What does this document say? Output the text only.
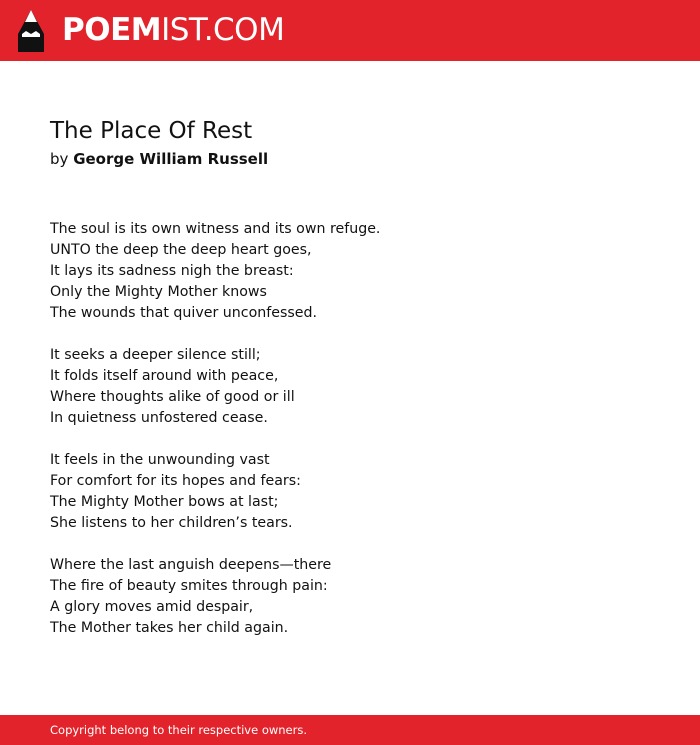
POEMIST.COM
The Place Of Rest
by George William Russell
The soul is its own witness and its own refuge.
UNTO the deep the deep heart goes, 
It lays its sadness nigh the breast: 
Only the Mighty Mother knows 
The wounds that quiver unconfessed. 
It seeks a deeper silence still; 
It folds itself around with peace, 
Where thoughts alike of good or ill 
In quietness unfostered cease. 
It feels in the unwounding vast 
For comfort for its hopes and fears: 
The Mighty Mother bows at last; 
She listens to her children’s tears. 
Where the last anguish deepens—there 
The fire of beauty smites through pain: 
A glory moves amid despair, 
The Mother takes her child again.
Copyright belong to their respective owners.
